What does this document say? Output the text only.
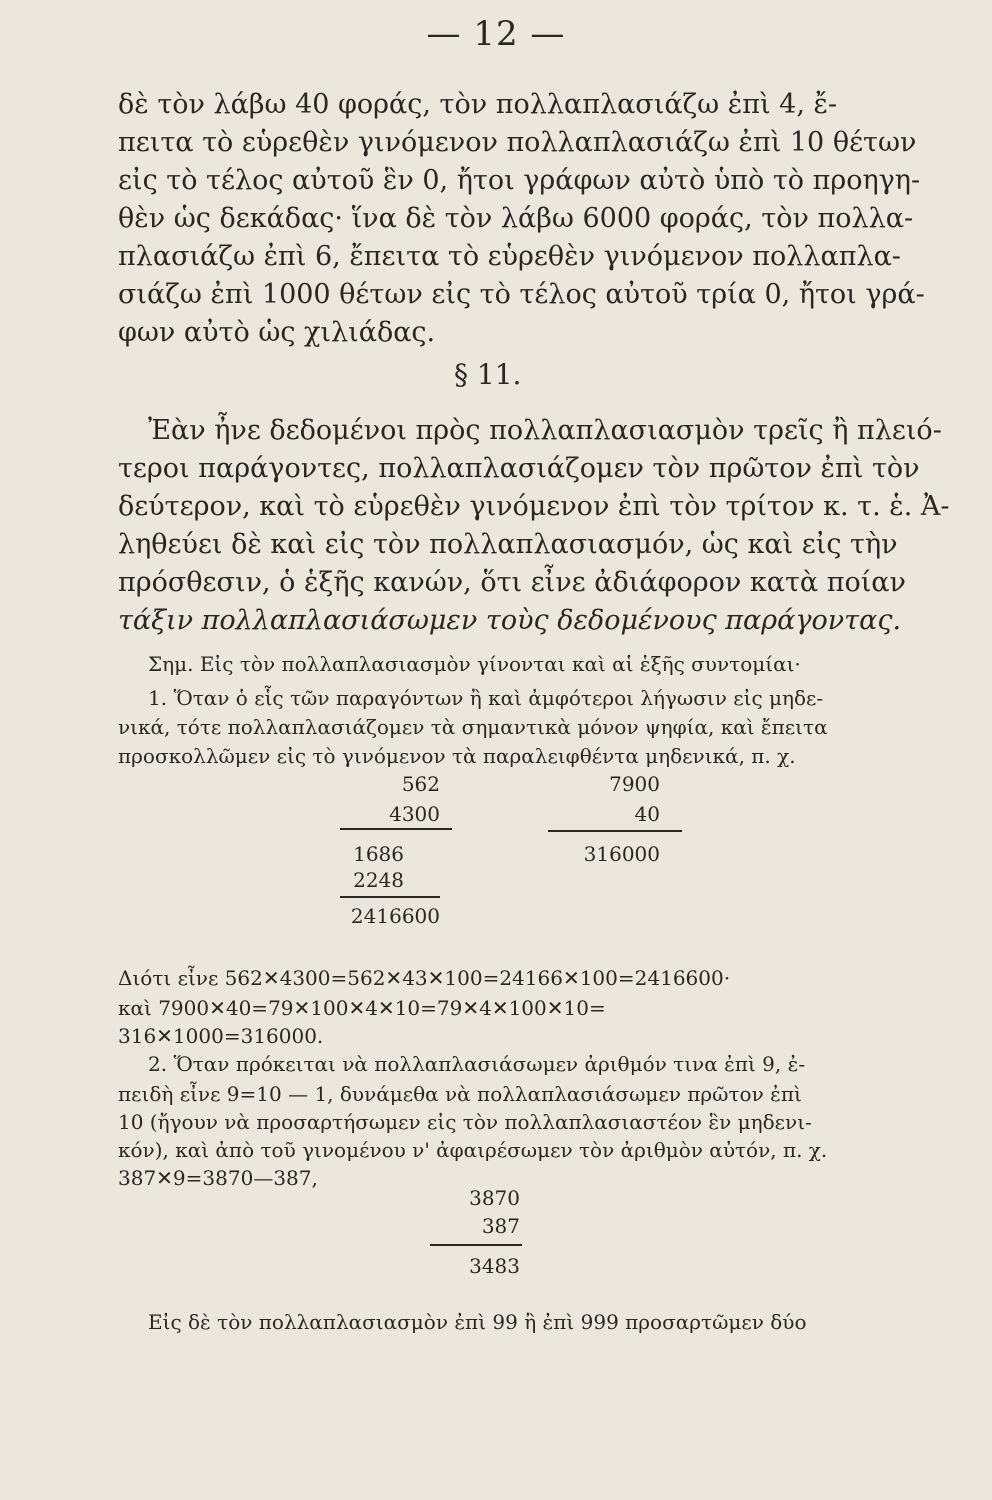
— 12 —
δὲ τὸν λάβω 40 φοράς, τὸν πολλαπλασιάζω ἐπὶ 4, ἔ-
πειτα τὸ εὑρεθὲν γινόμενον πολλαπλασιάζω ἐπὶ 10 θέτων
εἰς τὸ τέλος αὐτοῦ ἓν 0, ἤτοι γράφων αὐτὸ ὑπὸ τὸ προηγη-
θὲν ὡς δεκάδας· ἵνα δὲ τὸν λάβω 6000 φοράς, τὸν πολλα-
πλασιάζω ἐπὶ 6, ἔπειτα τὸ εὑρεθὲν γινόμενον πολλαπλα-
σιάζω ἐπὶ 1000 θέτων εἰς τὸ τέλος αὐτοῦ τρία 0, ἤτοι γρά-
φων αὐτὸ ὡς χιλιάδας.
§ 11.
Ἐὰν ἦνε δεδομένοι πρὸς πολλαπλασιασμὸν τρεῖς ἢ πλειό-
τεροι παράγοντες, πολλαπλασιάζομεν τὸν πρῶτον ἐπὶ τὸν
δεύτερον, καὶ τὸ εὑρεθὲν γινόμενον ἐπὶ τὸν τρίτον κ. τ. ἑ. Ἀ-
ληθεύει δὲ καὶ εἰς τὸν πολλαπλασιασμόν, ὡς καὶ εἰς τὴν
πρόσθεσιν, ὁ ἑξῆς κανών, ὅτι εἶνε ἀδιάφορον κατὰ ποίαν
τάξιν πολλαπλασιάσωμεν τοὺς δεδομένους παράγοντας.
Σημ. Εἰς τὸν πολλαπλασιασμὸν γίνονται καὶ αἱ ἑξῆς συντομίαι·
1. Ὅταν ὁ εἷς τῶν παραγόντων ἢ καὶ ἀμφότεροι λήγωσιν εἰς μηδε-
νικά, τότε πολλαπλασιάζομεν τὰ σημαντικὰ μόνον ψηφία, καὶ ἔπειτα
προσκολλῶμεν εἰς τὸ γινόμενον τὰ παραλειφθέντα μηδενικά, π. χ.
562
4300
1686
2248
2416600
7900
40
316000
Διότι εἶνε 562✕4300=562✕43✕100=24166✕100=2416600·
καὶ 7900✕40=79✕100✕4✕10=79✕4✕100✕10=
316✕1000=316000.
2. Ὅταν πρόκειται νὰ πολλαπλασιάσωμεν ἀριθμόν τινα ἐπὶ 9, ἐ-
πειδὴ εἶνε 9=10 — 1, δυνάμεθα νὰ πολλαπλασιάσωμεν πρῶτον ἐπὶ
10 (ἤγουν νὰ προσαρτήσωμεν εἰς τὸν πολλαπλασιαστέον ἓν μηδενι-
κόν), καὶ ἀπὸ τοῦ γινομένου ν' ἀφαιρέσωμεν τὸν ἀριθμὸν αὐτόν, π. χ.
387✕9=3870—387,
3870
387
3483
Εἰς δὲ τὸν πολλαπλασιασμὸν ἐπὶ 99 ἢ ἐπὶ 999 προσαρτῶμεν δύο
